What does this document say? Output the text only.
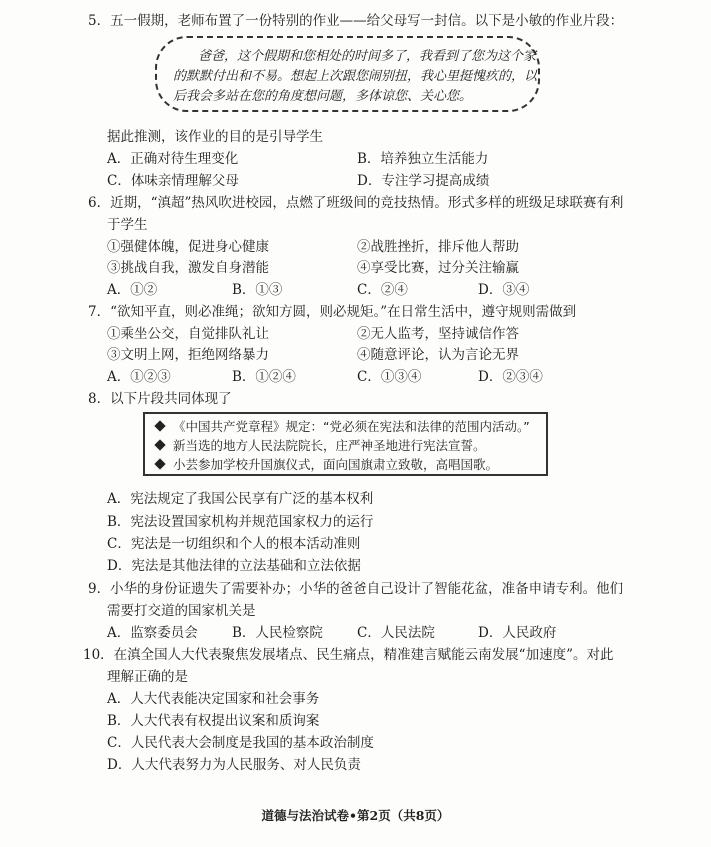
5．五一假期，老师布置了一份特别的作业——给父母写一封信。以下是小敏的作业片段：
爸爸，这个假期和您相处的时间多了，我看到了您为这个家
的默默付出和不易。想起上次跟您闹别扭，我心里挺愧疚的，以
后我会多站在您的角度想问题，多体谅您、关心您。
据此推测，该作业的目的是引导学生
A．正确对待生理变化	B．培养独立生活能力
C．体味亲情理解父母	D．专注学习提高成绩
6．近期，“滇超”热风吹进校园，点燃了班级间的竞技热情。形式多样的班级足球联赛有利
于学生
①强健体魄，促进身心健康	②战胜挫折，排斥他人帮助
③挑战自我，激发自身潜能	④享受比赛，过分关注输赢
A．①②	B．①③	C．②④	D．③④
7．“欲知平直，则必准绳；欲知方圆，则必规矩。”在日常生活中，遵守规则需做到
①乘坐公交，自觉排队礼让	②无人监考，坚持诚信作答
③文明上网，拒绝网络暴力	④随意评论，认为言论无界
A．①②③	B．①②④	C．①③④	D．②③④
8．以下片段共同体现了
《中国共产党章程》规定：“党必须在宪法和法律的范围内活动。”
新当选的地方人民法院院长，庄严神圣地进行宪法宣誓。
小芸参加学校升国旗仪式，面向国旗肃立致敬，高唱国歌。
A．宪法规定了我国公民享有广泛的基本权利
B．宪法设置国家机构并规范国家权力的运行
C．宪法是一切组织和个人的根本活动准则
D．宪法是其他法律的立法基础和立法依据
9．小华的身份证遗失了需要补办；小华的爸爸自己设计了智能花盆，准备申请专利。他们
需要打交道的国家机关是
A．监察委员会	B．人民检察院	C．人民法院	D．人民政府
10．在滇全国人大代表聚焦发展堵点、民生痛点，精准建言赋能云南发展“加速度”。对此
理解正确的是
A．人大代表能决定国家和社会事务
B．人大代表有权提出议案和质询案
C．人民代表大会制度是我国的基本政治制度
D．人大代表努力为人民服务、对人民负责
道德与法治试卷•第2页（共8页）
